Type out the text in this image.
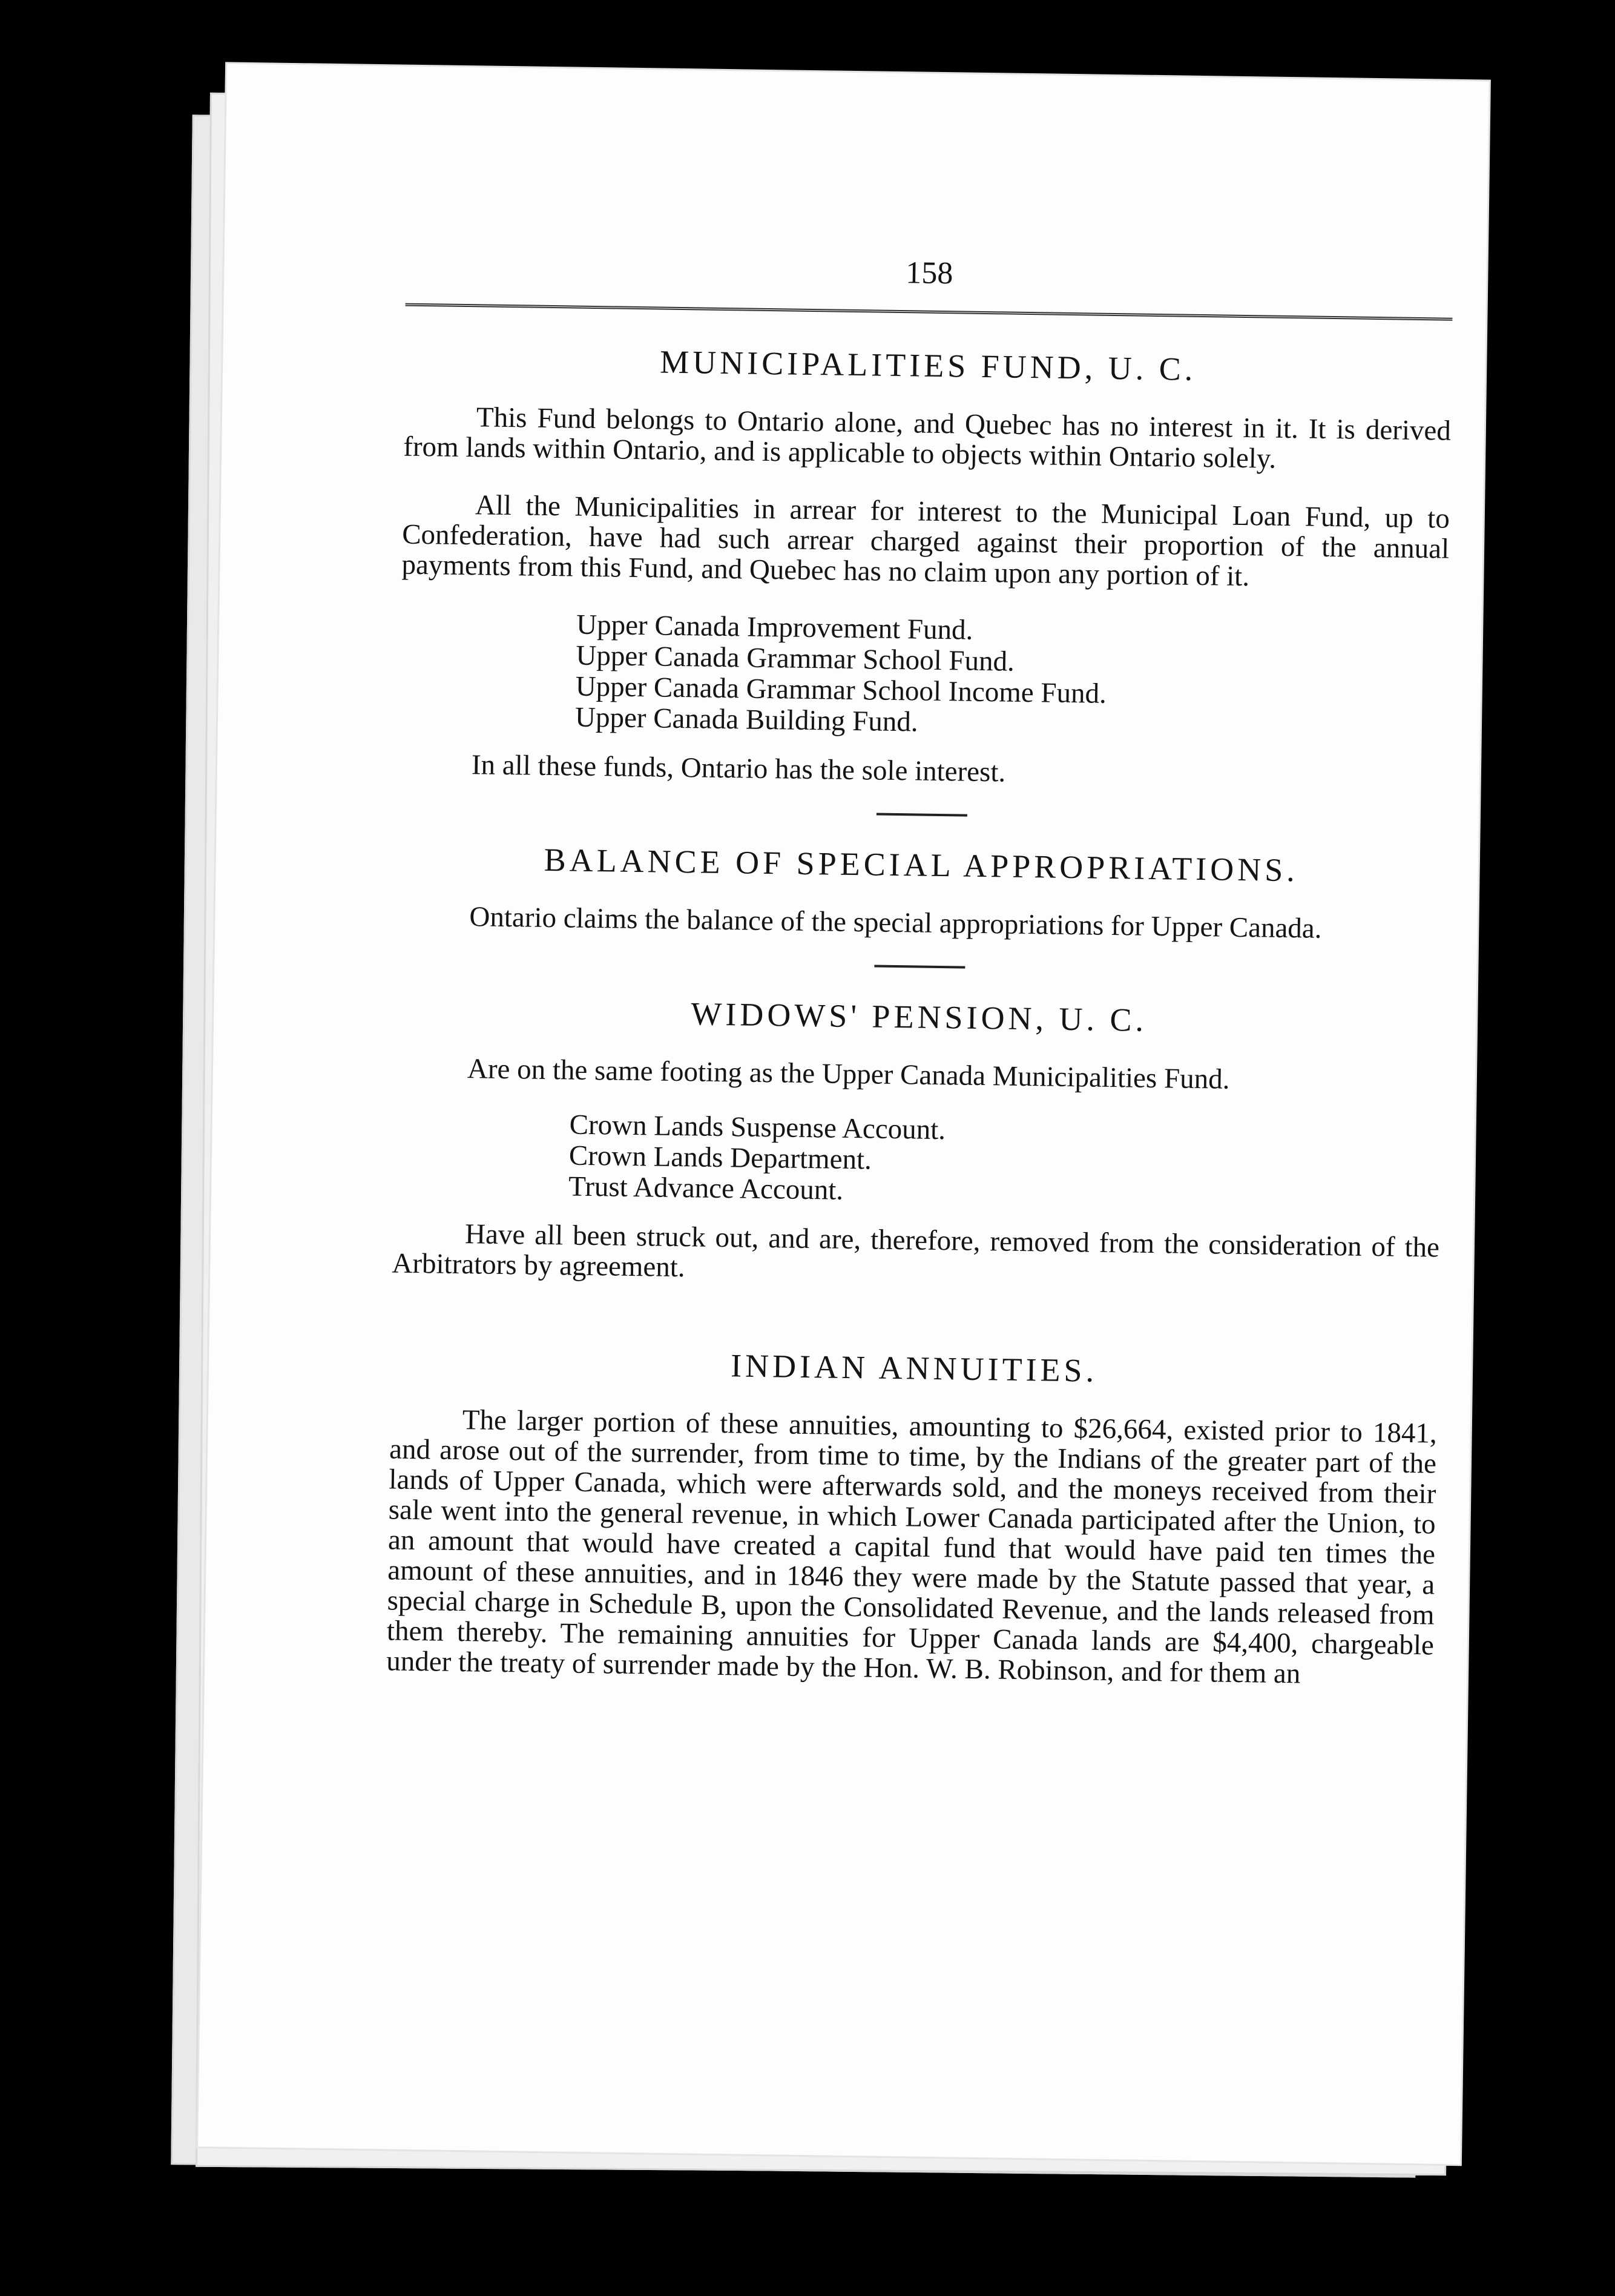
158
MUNICIPALITIES FUND, U. C.

This Fund belongs to Ontario alone, and Quebec has no interest in it. It is derived from lands within Ontario, and is applicable to objects within Ontario solely.

All the Municipalities in arrear for interest to the Municipal Loan Fund, up to Confederation, have had such arrear charged against their proportion of the annual payments from this Fund, and Quebec has no claim upon any portion of it.

Upper Canada Improvement Fund.
Upper Canada Grammar School Fund.
Upper Canada Grammar School Income Fund.
Upper Canada Building Fund.

In all these funds, Ontario has the sole interest.

BALANCE OF SPECIAL APPROPRIATIONS.

Ontario claims the balance of the special appropriations for Upper Canada.

WIDOWS' PENSION, U. C.

Are on the same footing as the Upper Canada Municipalities Fund.

Crown Lands Suspense Account.
Crown Lands Department.
Trust Advance Account.

Have all been struck out, and are, therefore, removed from the consideration of the Arbitrators by agreement.

INDIAN ANNUITIES.

The larger portion of these annuities, amounting to $26,664, existed prior to 1841, and arose out of the surrender, from time to time, by the Indians of the greater part of the lands of Upper Canada, which were afterwards sold, and the moneys received from their sale went into the general revenue, in which Lower Canada participated after the Union, to an amount that would have created a capital fund that would have paid ten times the amount of these annuities, and in 1846 they were made by the Statute passed that year, a special charge in Schedule B, upon the Consolidated Revenue, and the lands released from them thereby. The remaining annuities for Upper Canada lands are $4,400, chargeable under the treaty of surrender made by the Hon. W. B. Robinson, and for them an
